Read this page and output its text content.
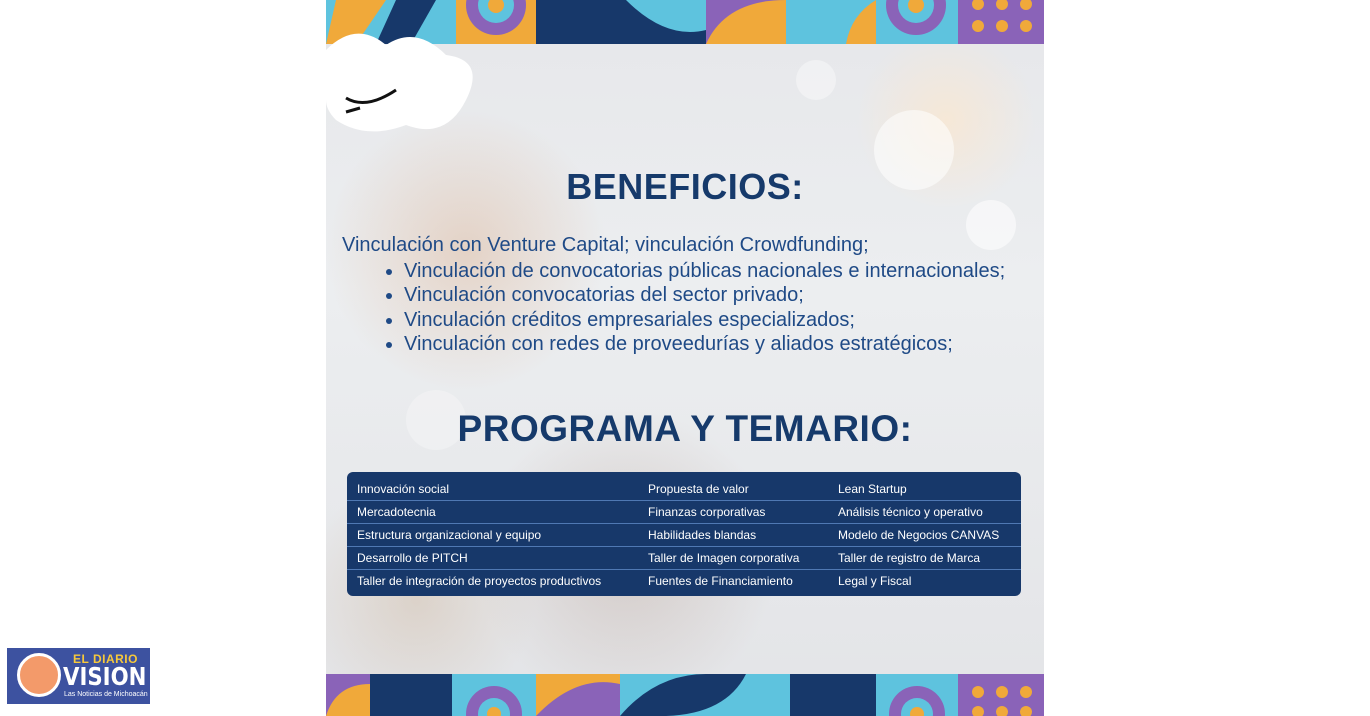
BENEFICIOS:

Vinculación con Venture Capital; vinculación Crowdfunding;

• Vinculación de convocatorias públicas nacionales e internacionales;
• Vinculación convocatorias del sector privado;
• Vinculación créditos empresariales especializados;
• Vinculación con redes de proveedurías y aliados estratégicos;
PROGRAMA Y TEMARIO:
Innovación social	Propuesta de valor	Lean Startup
Mercadotecnia	Finanzas corporativas	Análisis técnico y operativo
Estructura organizacional y equipo	Habilidades blandas	Modelo de Negocios CANVAS
Desarrollo de PITCH	Taller de Imagen corporativa	Taller de registro de Marca
Taller de integración de proyectos productivos	Fuentes de Financiamiento	Legal y Fiscal
EL DIARIO
VISION
Las Noticias de Michoacán
